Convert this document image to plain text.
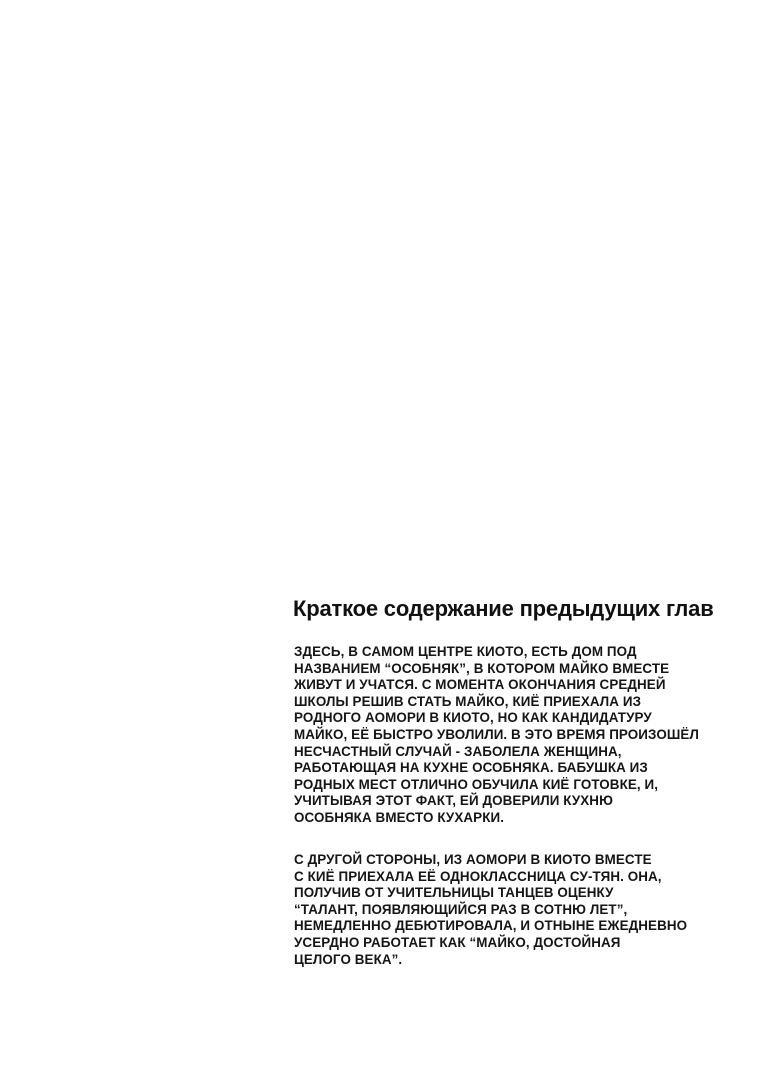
Краткое содержание предыдущих глав
ЗДЕСЬ, В САМОМ ЦЕНТРЕ КИОТО, ЕСТЬ ДОМ ПОД
НАЗВАНИЕМ “ОСОБНЯК”, В КОТОРОМ МАЙКО ВМЕСТЕ
ЖИВУТ И УЧАТСЯ. С МОМЕНТА ОКОНЧАНИЯ СРЕДНЕЙ
ШКОЛЫ РЕШИВ СТАТЬ МАЙКО, КИЁ ПРИЕХАЛА ИЗ
РОДНОГО АОМОРИ В КИОТО, НО КАК КАНДИДАТУРУ
МАЙКО, ЕЁ БЫСТРО УВОЛИЛИ. В ЭТО ВРЕМЯ ПРОИЗОШЁЛ
НЕСЧАСТНЫЙ СЛУЧАЙ - ЗАБОЛЕЛА ЖЕНЩИНА,
РАБОТАЮЩАЯ НА КУХНЕ ОСОБНЯКА. БАБУШКА ИЗ
РОДНЫХ МЕСТ ОТЛИЧНО ОБУЧИЛА КИЁ ГОТОВКЕ, И,
УЧИТЫВАЯ ЭТОТ ФАКТ, ЕЙ ДОВЕРИЛИ КУХНЮ
ОСОБНЯКА ВМЕСТО КУХАРКИ.
С ДРУГОЙ СТОРОНЫ, ИЗ АОМОРИ В КИОТО ВМЕСТЕ
С КИЁ ПРИЕХАЛА ЕЁ ОДНОКЛАССНИЦА СУ-ТЯН. ОНА,
ПОЛУЧИВ ОТ УЧИТЕЛЬНИЦЫ ТАНЦЕВ ОЦЕНКУ
“ТАЛАНТ, ПОЯВЛЯЮЩИЙСЯ РАЗ В СОТНЮ ЛЕТ”,
НЕМЕДЛЕННО ДЕБЮТИРОВАЛА, И ОТНЫНЕ ЕЖЕДНЕВНО
УСЕРДНО РАБОТАЕТ КАК “МАЙКО, ДОСТОЙНАЯ
ЦЕЛОГО ВЕКА”.
